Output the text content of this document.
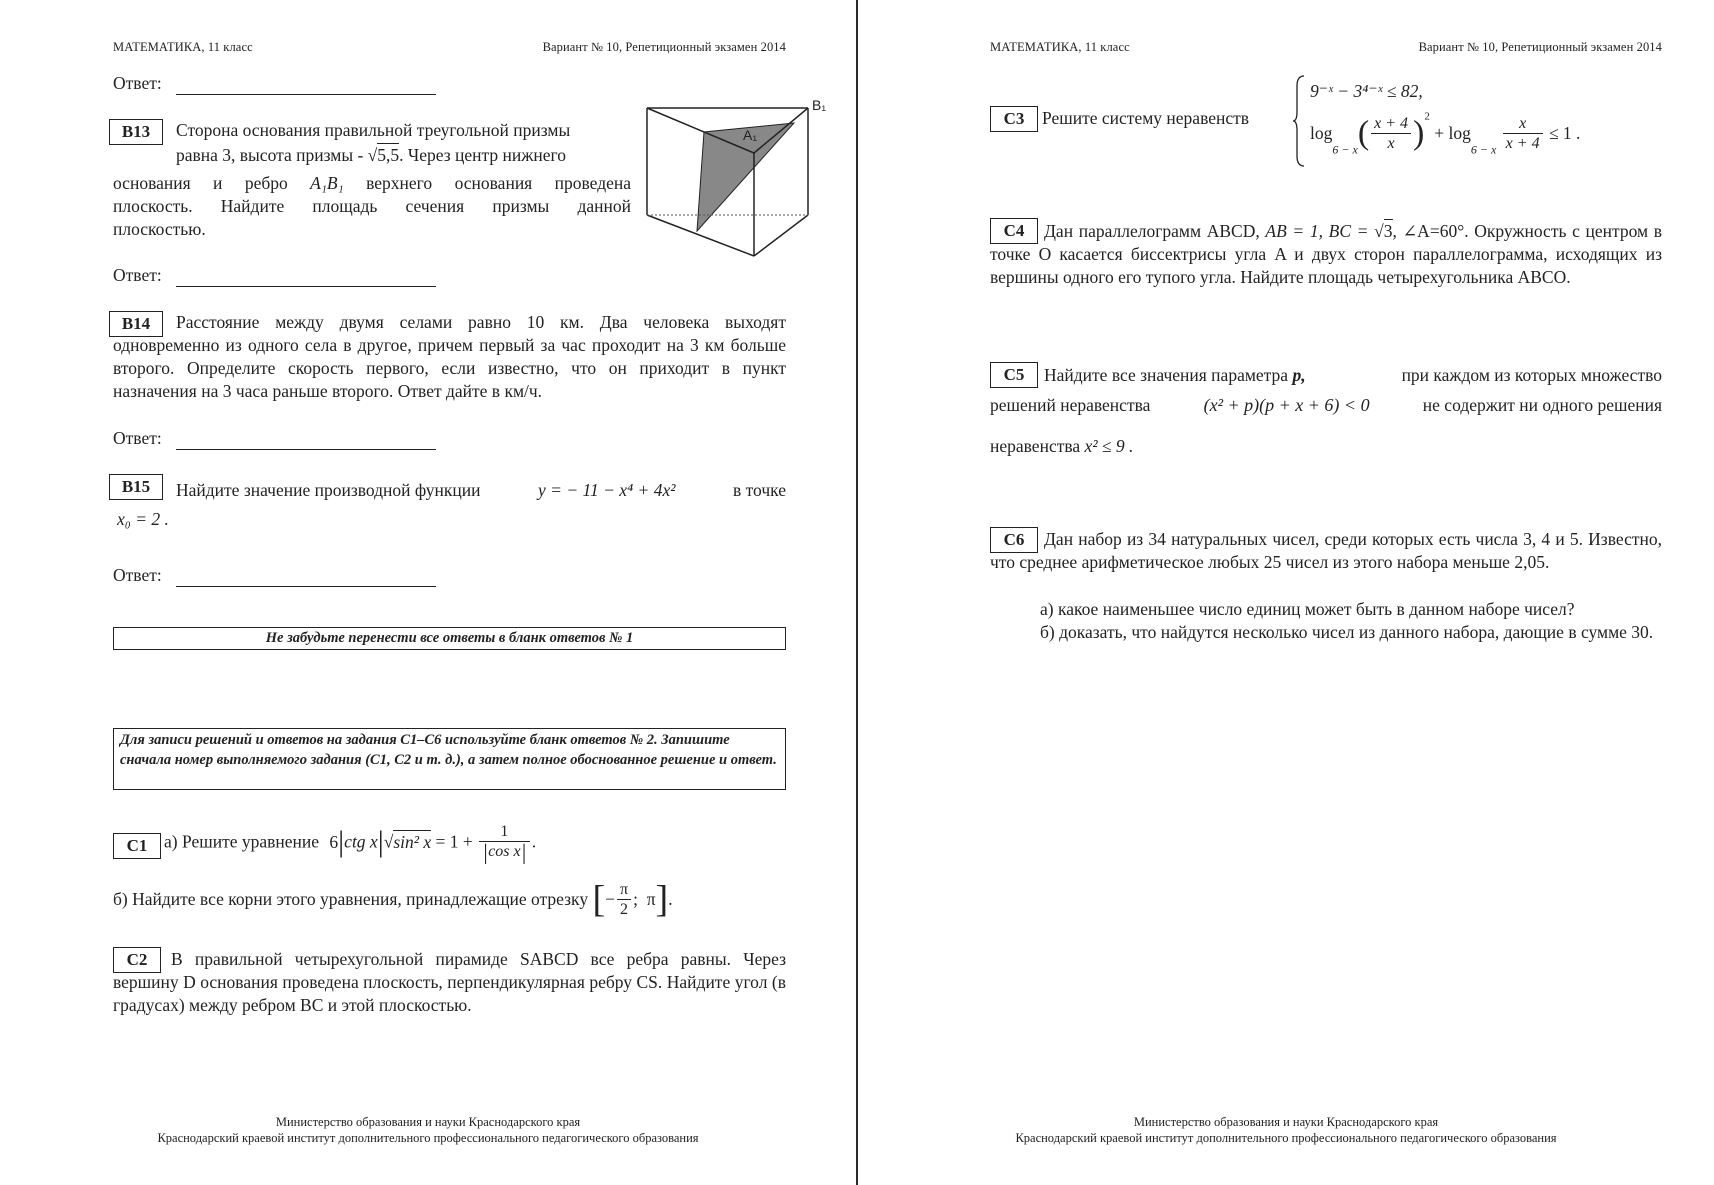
МАТЕМАТИКА, 11 класс	Вариант № 10, Репетиционный экзамен 2014
Ответ:
B13	Сторона основания правильной треугольной призмы
равна 3, высота призмы - √5,5. Через центр нижнего
основания и ребро A₁B₁ верхнего основания проведена
плоскость. Найдите площадь сечения призмы данной
плоскостью.
A₁
B₁
Ответ:
B14	Расстояние между двумя селами равно 10 км. Два человека выходят одновременно из одного села в другое, причем первый за час проходит на 3 км больше второго. Определите скорость первого, если известно, что он приходит в пункт назначения на 3 часа раньше второго. Ответ дайте в км/ч.
Ответ:
B15	Найдите значение производной функции	y = − 11 − x⁴ + 4x²	в точке
x₀ = 2 .
Ответ:
Не забудьте перенести все ответы в бланк ответов № 1
Для записи решений и ответов на задания C1–C6 используйте бланк ответов № 2. Запишите сначала номер выполняемого задания (C1, C2 и т. д.), а затем полное обоснованное решение и ответ.
C1 а) Решите уравнение 6|ctg x|√sin² $x = 1 + \frac{1}{\text{|cos x|}}$ .
б) Найдите все корни этого уравнения, принадлежащие отрезку [− $\frac{\pi}{2}$ ;  π].
C2	В правильной четырехугольной пирамиде SABCD все ребра равны. Через вершину D основания проведена плоскость, перпендикулярная ребру CS. Найдите угол (в градусах) между ребром BC и этой плоскостью.
Министерство образования и науки Краснодарского края
Краснодарский краевой институт дополнительного профессионального педагогического образования
МАТЕМАТИКА, 11 класс	Вариант № 10, Репетиционный экзамен 2014
C3	Решите систему неравенств
9⁻ˣ − 3⁴⁻ˣ ≤ 82,
$\log_{6 - x}( \frac{x + 4}{x} )^2 + \log_{6 - x} \frac{x}{x + 4} \le 1$ .
C4	Дан параллелограмм ABCD, AB = 1, BC = √3, ∠A=60°. Окружность с центром в точке O касается биссектрисы угла A и двух сторон параллелограмма, исходящих из вершины одного его тупого угла. Найдите площадь четырехугольника ABCO.
C5	Найдите все значения параметра p,	при каждом из которых множество
решений неравенства	(x² + p)(p + x + 6) < 0	не содержит ни одного решения
неравенства x² ≤ 9 .
C6	Дан набор из 34 натуральных чисел, среди которых есть числа 3, 4 и 5. Известно, что среднее арифметическое любых 25 чисел из этого набора меньше 2,05.
а) какое наименьшее число единиц может быть в данном наборе чисел?
б) доказать, что найдутся несколько чисел из данного набора, дающие в сумме 30.
Министерство образования и науки Краснодарского края
Краснодарский краевой институт дополнительного профессионального педагогического образования
